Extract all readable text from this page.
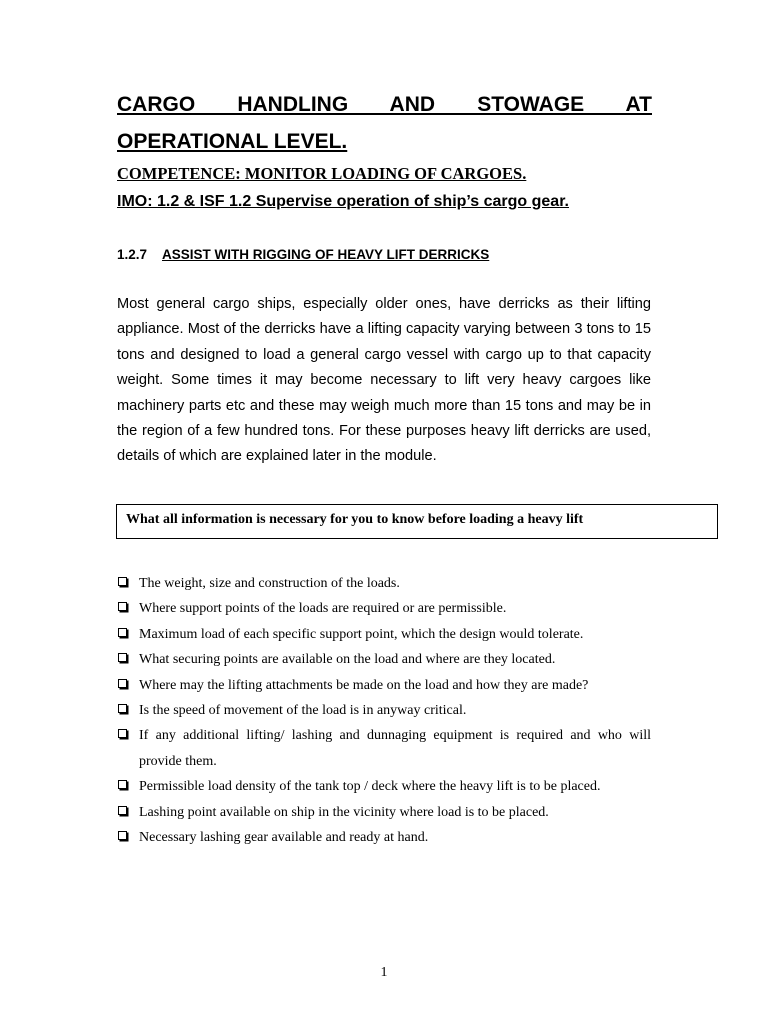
CARGO HANDLING AND STOWAGE AT OPERATIONAL LEVEL.

COMPETENCE: MONITOR LOADING OF CARGOES.

IMO: 1.2 & ISF 1.2 Supervise operation of ship’s cargo gear.

1.2.7 ASSIST WITH RIGGING OF HEAVY LIFT DERRICKS

Most general cargo ships, especially older ones, have derricks as their lifting appliance. Most of the derricks have a lifting capacity varying between 3 tons to 15 tons and designed to load a general cargo vessel with cargo up to that capacity weight. Some times it may become necessary to lift very heavy cargoes like machinery parts etc and these may weigh much more than 15 tons and may be in the region of a few hundred tons. For these purposes heavy lift derricks are used, details of which are explained later in the module.

What all information is necessary for you to know before loading a heavy lift
The weight, size and construction of the loads.
Where support points of the loads are required or are permissible.
Maximum load of each specific support point, which the design would tolerate.
What securing points are available on the load and where are they located.
Where may the lifting attachments be made on the load and how they are made?
Is the speed of movement of the load is in anyway critical.
If any additional lifting/ lashing and dunnaging equipment is required and who will provide them.
Permissible load density of the tank top / deck where the heavy lift is to be placed.
Lashing point available on ship in the vicinity where load is to be placed.
Necessary lashing gear available and ready at hand.
1
